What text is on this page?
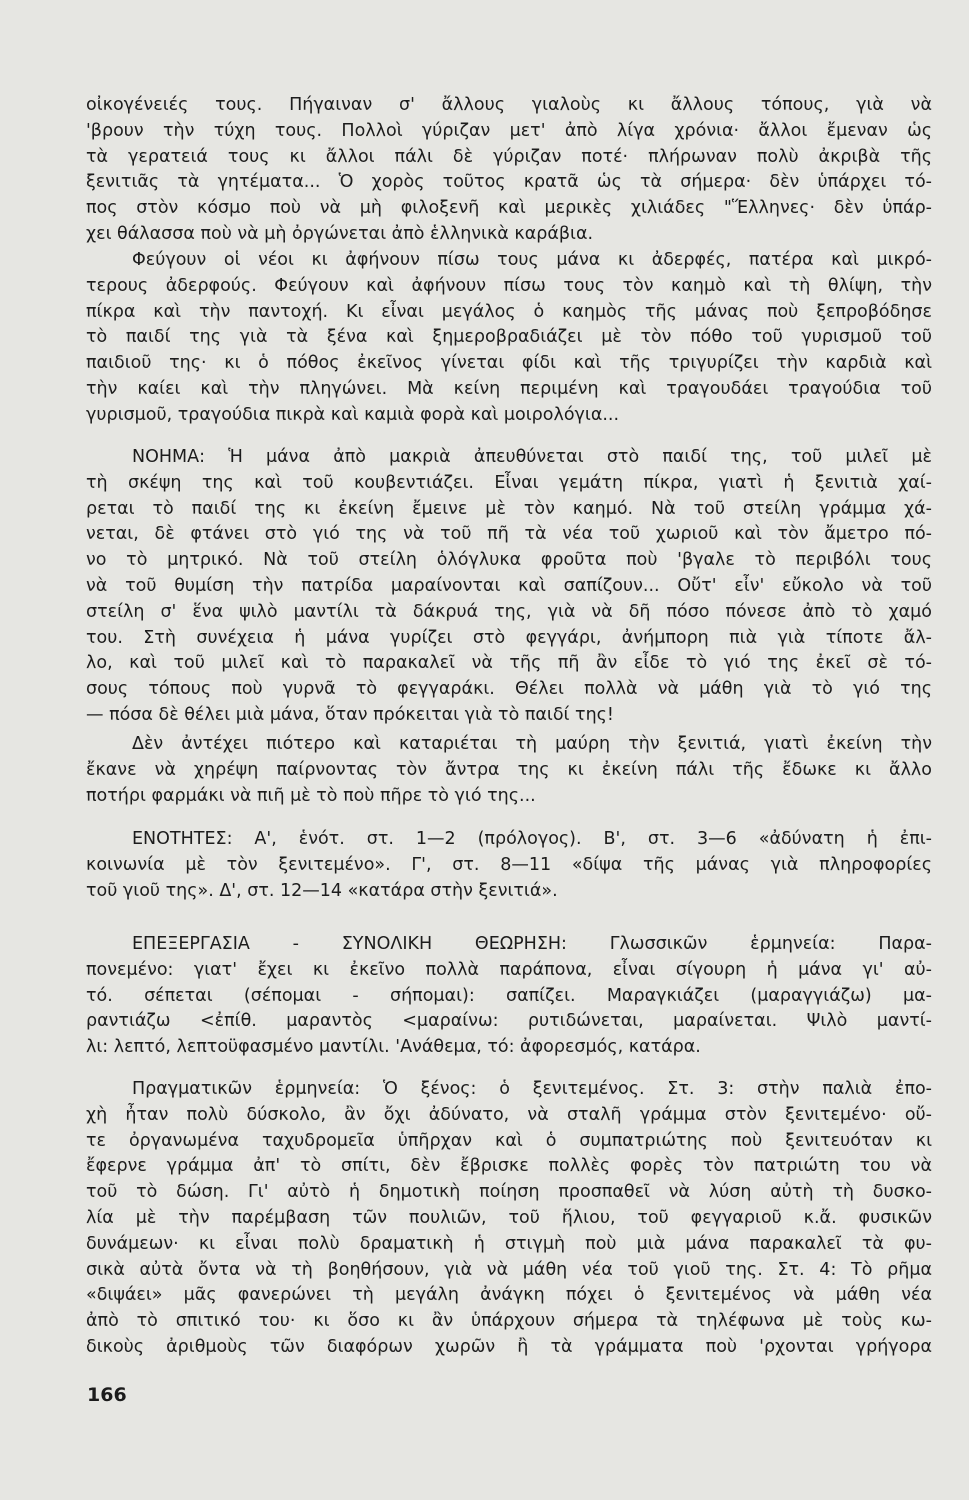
οἰκογένειές τους. Πήγαιναν σ' ἄλλους γιαλοὺς κι ἄλλους τόπους, γιὰ νὰ
'βρουν τὴν τύχη τους. Πολλοὶ γύριζαν μετ' ἀπὸ λίγα χρόνια· ἄλλοι ἔμεναν ὡς
τὰ γερατειά τους κι ἄλλοι πάλι δὲ γύριζαν ποτέ· πλήρωναν πολὺ ἀκριβὰ τῆς
ξενιτιᾶς τὰ γητέματα... Ὁ χορὸς τοῦτος κρατᾶ ὡς τὰ σήμερα· δὲν ὑπάρχει τό-
πος στὸν κόσμο ποὺ νὰ μὴ φιλοξενῆ καὶ μερικὲς χιλιάδες "Ἕλληνες· δὲν ὑπάρ-
χει θάλασσα ποὺ νὰ μὴ ὀργώνεται ἀπὸ ἑλληνικὰ καράβια.
Φεύγουν οἱ νέοι κι ἀφήνουν πίσω τους μάνα κι ἀδερφές, πατέρα καὶ μικρό-
τερους ἀδερφούς. Φεύγουν καὶ ἀφήνουν πίσω τους τὸν καημὸ καὶ τὴ θλίψη, τὴν
πίκρα καὶ τὴν παντοχή. Κι εἶναι μεγάλος ὁ καημὸς τῆς μάνας ποὺ ξεπροβόδησε
τὸ παιδί της γιὰ τὰ ξένα καὶ ξημεροβραδιάζει μὲ τὸν πόθο τοῦ γυρισμοῦ τοῦ
παιδιοῦ της· κι ὁ πόθος ἐκεῖνος γίνεται φίδι καὶ τῆς τριγυρίζει τὴν καρδιὰ καὶ
τὴν καίει καὶ τὴν πληγώνει. Μὰ κείνη περιμένη καὶ τραγουδάει τραγούδια τοῦ
γυρισμοῦ, τραγούδια πικρὰ καὶ καμιὰ φορὰ καὶ μοιρολόγια...
ΝΟΗΜΑ: Ἡ μάνα ἀπὸ μακριὰ ἀπευθύνεται στὸ παιδί της, τοῦ μιλεῖ μὲ
τὴ σκέψη της καὶ τοῦ κουβεντιάζει. Εἶναι γεμάτη πίκρα, γιατὶ ἡ ξενιτιὰ χαί-
ρεται τὸ παιδί της κι ἐκείνη ἔμεινε μὲ τὸν καημό. Νὰ τοῦ στείλη γράμμα χά-
νεται, δὲ φτάνει στὸ γιό της νὰ τοῦ πῆ τὰ νέα τοῦ χωριοῦ καὶ τὸν ἄμετρο πό-
νο τὸ μητρικό. Νὰ τοῦ στείλη ὁλόγλυκα φροῦτα ποὺ 'βγαλε τὸ περιβόλι τους
νὰ τοῦ θυμίση τὴν πατρίδα μαραίνονται καὶ σαπίζουν... Οὔτ' εἶν' εὔκολο νὰ τοῦ
στείλη σ' ἕνα ψιλὸ μαντίλι τὰ δάκρυά της, γιὰ νὰ δῆ πόσο πόνεσε ἀπὸ τὸ χαμό
του. Στὴ συνέχεια ἡ μάνα γυρίζει στὸ φεγγάρι, ἀνήμπορη πιὰ γιὰ τίποτε ἄλ-
λο, καὶ τοῦ μιλεῖ καὶ τὸ παρακαλεῖ νὰ τῆς πῆ ἂν εἶδε τὸ γιό της ἐκεῖ σὲ τό-
σους τόπους ποὺ γυρνᾶ τὸ φεγγαράκι. Θέλει πολλὰ νὰ μάθη γιὰ τὸ γιό της
— πόσα δὲ θέλει μιὰ μάνα, ὅταν πρόκειται γιὰ τὸ παιδί της!
Δὲν ἀντέχει πιότερο καὶ καταριέται τὴ μαύρη τὴν ξενιτιά, γιατὶ ἐκείνη τὴν
ἔκανε νὰ χηρέψη παίρνοντας τὸν ἄντρα της κι ἐκείνη πάλι τῆς ἔδωκε κι ἄλλο
ποτήρι φαρμάκι νὰ πιῆ μὲ τὸ ποὺ πῆρε τὸ γιό της...
ΕΝΟΤΗΤΕΣ: Α', ἑνότ. στ. 1—2 (πρόλογος). Β', στ. 3—6 «ἀδύνατη ἡ ἐπι-
κοινωνία μὲ τὸν ξενιτεμένο». Γ', στ. 8—11 «δίψα τῆς μάνας γιὰ πληροφορίες
τοῦ γιοῦ της». Δ', στ. 12—14 «κατάρα στὴν ξενιτιά».
ΕΠΕΞΕΡΓΑΣΙΑ - ΣΥΝΟΛΙΚΗ ΘΕΩΡΗΣΗ: Γλωσσικῶν ἑρμηνεία: Παρα-
πονεμένο: γιατ' ἔχει κι ἐκεῖνο πολλὰ παράπονα, εἶναι σίγουρη ἡ μάνα γι' αὐ-
τό. σέπεται (σέπομαι - σήπομαι): σαπίζει. Μαραγκιάζει (μαραγγιάζω) μα-
ραντιάζω <ἐπίθ. μαραντὸς <μαραίνω: ρυτιδώνεται, μαραίνεται. Ψιλὸ μαντί-
λι: λεπτό, λεπτοϋφασμένο μαντίλι. 'Ανάθεμα, τό: ἀφορεσμός, κατάρα.
Πραγματικῶν ἑρμηνεία: Ὁ ξένος: ὁ ξενιτεμένος. Στ. 3: στὴν παλιὰ ἐπο-
χὴ ἦταν πολὺ δύσκολο, ἂν ὄχι ἀδύνατο, νὰ σταλῆ γράμμα στὸν ξενιτεμένο· οὔ-
τε ὀργανωμένα ταχυδρομεῖα ὑπῆρχαν καὶ ὁ συμπατριώτης ποὺ ξενιτευόταν κι
ἔφερνε γράμμα ἀπ' τὸ σπίτι, δὲν ἔβρισκε πολλὲς φορὲς τὸν πατριώτη του νὰ
τοῦ τὸ δώση. Γι' αὐτὸ ἡ δημοτικὴ ποίηση προσπαθεῖ νὰ λύση αὐτὴ τὴ δυσκο-
λία μὲ τὴν παρέμβαση τῶν πουλιῶν, τοῦ ἥλιου, τοῦ φεγγαριοῦ κ.ἄ. φυσικῶν
δυνάμεων· κι εἶναι πολὺ δραματικὴ ἡ στιγμὴ ποὺ μιὰ μάνα παρακαλεῖ τὰ φυ-
σικὰ αὐτὰ ὄντα νὰ τὴ βοηθήσουν, γιὰ νὰ μάθη νέα τοῦ γιοῦ της. Στ. 4: Τὸ ρῆμα
«διψάει» μᾶς φανερώνει τὴ μεγάλη ἀνάγκη πόχει ὁ ξενιτεμένος νὰ μάθη νέα
ἀπὸ τὸ σπιτικό του· κι ὅσο κι ἂν ὑπάρχουν σήμερα τὰ τηλέφωνα μὲ τοὺς κω-
δικοὺς ἀριθμοὺς τῶν διαφόρων χωρῶν ἢ τὰ γράμματα ποὺ 'ρχονται γρήγορα
166
